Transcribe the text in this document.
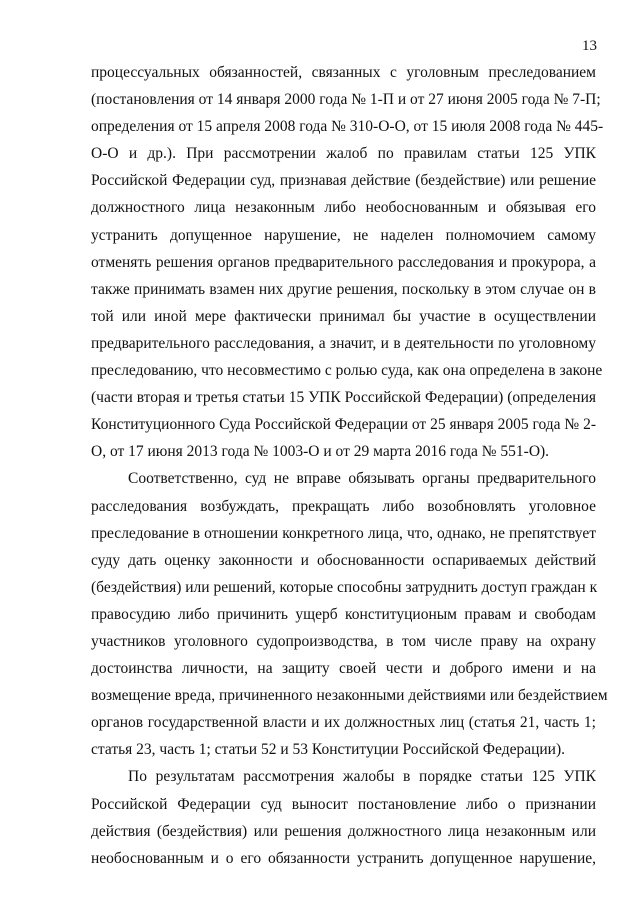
13
процессуальных обязанностей, связанных с уголовным преследованием
(постановления от 14 января 2000 года № 1-П и от 27 июня 2005 года № 7-П;
определения от 15 апреля 2008 года № 310-О-О, от 15 июля 2008 года № 445-
О-О и др.). При рассмотрении жалоб по правилам статьи 125 УПК
Российской Федерации суд, признавая действие (бездействие) или решение
должностного лица незаконным либо необоснованным и обязывая его
устранить допущенное нарушение, не наделен полномочием самому
отменять решения органов предварительного расследования и прокурора, а
также принимать взамен них другие решения, поскольку в этом случае он в
той или иной мере фактически принимал бы участие в осуществлении
предварительного расследования, а значит, и в деятельности по уголовному
преследованию, что несовместимо с ролью суда, как она определена в законе
(части вторая и третья статьи 15 УПК Российской Федерации) (определения
Конституционного Суда Российской Федерации от 25 января 2005 года № 2-
О, от 17 июня 2013 года № 1003-О и от 29 марта 2016 года № 551-О).
Соответственно, суд не вправе обязывать органы предварительного
расследования возбуждать, прекращать либо возобновлять уголовное
преследование в отношении конкретного лица, что, однако, не препятствует
суду дать оценку законности и обоснованности оспариваемых действий
(бездействия) или решений, которые способны затруднить доступ граждан к
правосудию либо причинить ущерб конституционым правам и свободам
участников уголовного судопроизводства, в том числе праву на охрану
достоинства личности, на защиту своей чести и доброго имени и на
возмещение вреда, причиненного незаконными действиями или бездействием
органов государственной власти и их должностных лиц (статья 21, часть 1;
статья 23, часть 1; статьи 52 и 53 Конституции Российской Федерации).
По результатам рассмотрения жалобы в порядке статьи 125 УПК
Российской Федерации суд выносит постановление либо о признании
действия (бездействия) или решения должностного лица незаконным или
необоснованным и о его обязанности устранить допущенное нарушение,
